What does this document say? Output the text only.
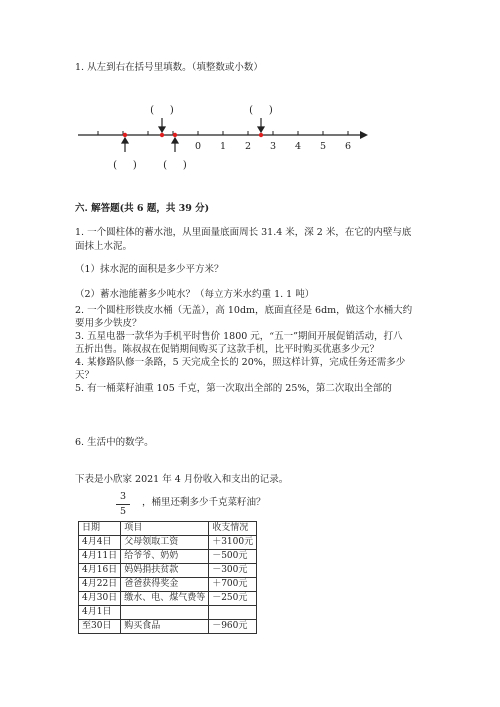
1. 从左到右在括号里填数。（填整数或小数）
0 1 2 3 4 5 6
(     )	(     )
(     )	(     )
六. 解答题(共 6 题，共 39 分)
1. 一个圆柱体的蓄水池，从里面量底面周长 31.4 米，深 2 米，在它的内壁与底
面抹上水泥。
（1）抹水泥的面积是多少平方米？
（2）蓄水池能蓄多少吨水？（每立方米水约重 1. 1 吨）
2. 一个圆柱形铁皮水桶（无盖），高 10dm，底面直径是 6dm，做这个水桶大约
要用多少铁皮？
3. 五星电器一款华为手机平时售价 1800 元，“五一”期间开展促销活动，打八
五折出售。陈叔叔在促销期间购买了这款手机，比平时购买优惠多少元？
4. 某修路队修一条路，5 天完成全长的 20%，照这样计算，完成任务还需多少
天？
5. 有一桶菜籽油重 105 千克，第一次取出全部的 25%，第二次取出全部的
3
5
，桶里还剩多少千克菜籽油？
6. 生活中的数学。
下表是小欣家 2021 年 4 月份收入和支出的记录。
日期	项目	收支情况
4月4日	父母领取工资	＋3100元
4月11日	给爷爷、奶奶	－500元
4月16日	妈妈捐扶贫款	－300元
4月22日	爸爸获得奖金	＋700元
4月30日	缴水、电、煤气费等	－250元
4月1日		
至30日	购买食品	－960元
